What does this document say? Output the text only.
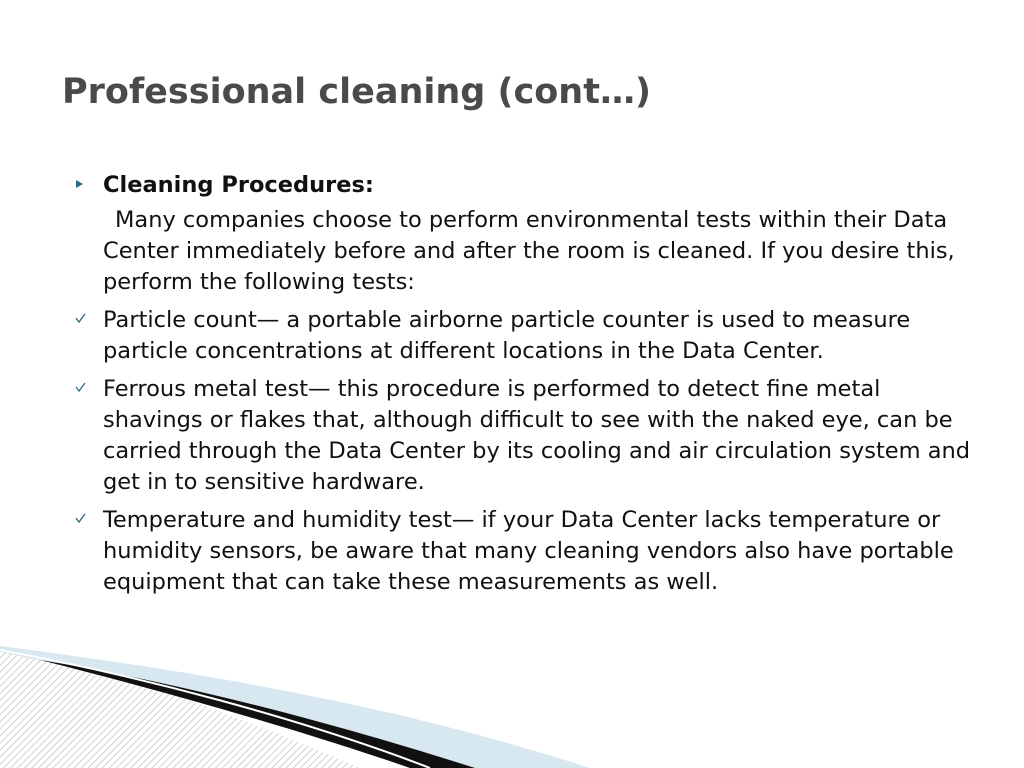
Professional cleaning (cont…)
Cleaning Procedures:
Many companies choose to perform environmental tests within their Data Center immediately before and after the room is cleaned. If you desire this, perform the following tests:
Particle count— a portable airborne particle counter is used to measure particle concentrations at different locations in the Data Center.
Ferrous metal test— this procedure is performed to detect fine metal shavings or flakes that, although difficult to see with the naked eye, can be carried through the Data Center by its cooling and air circulation system and get in to sensitive hardware.
Temperature and humidity test— if your Data Center lacks temperature or humidity sensors, be aware that many cleaning vendors also have portable equipment that can take these measurements as well.
